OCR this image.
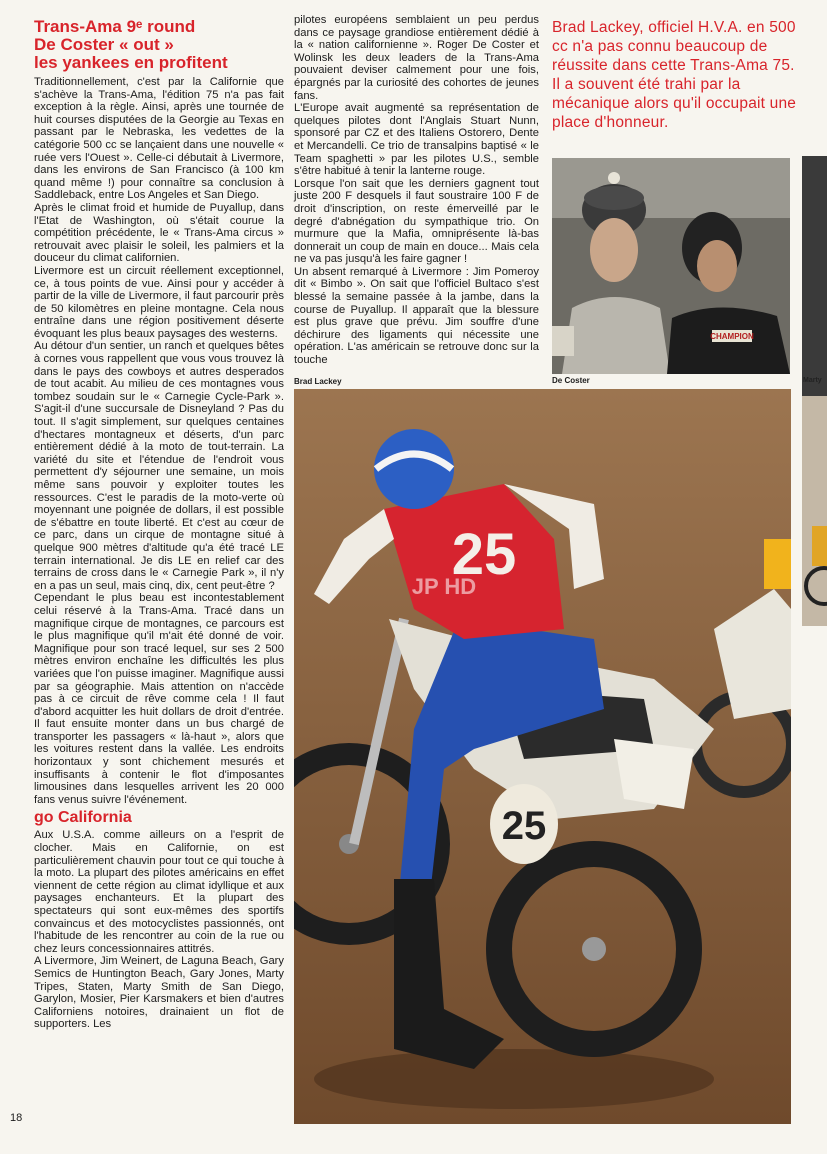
Trans-Ama 9ᵉ round
De Coster « out »
les yankees en profitent

Traditionnellement, c'est par la Californie que s'achève la Trans-Ama, l'édition 75 n'a pas fait exception à la règle. Ainsi, après une tournée de huit courses disputées de la Georgie au Texas en passant par le Nebraska, les vedettes de la catégorie 500 cc se lançaient dans une nouvelle « ruée vers l'Ouest ». Celle-ci débutait à Livermore, dans les environs de San Francisco (à 100 km quand même !) pour connaître sa conclusion à Saddleback, entre Los Angeles et San Diego.

Après le climat froid et humide de Puyallup, dans l'Etat de Washington, où s'était courue la compétition précédente, le « Trans-Ama circus » retrouvait avec plaisir le soleil, les palmiers et la douceur du climat californien.

Livermore est un circuit réellement exceptionnel, ce, à tous points de vue. Ainsi pour y accéder à partir de la ville de Livermore, il faut parcourir près de 50 kilomètres en pleine montagne. Cela nous entraîne dans une région positivement déserte évoquant les plus beaux paysages des westerns.

Au détour d'un sentier, un ranch et quelques bêtes à cornes vous rappellent que vous vous trouvez là dans le pays des cowboys et autres desperados de tout acabit. Au milieu de ces montagnes vous tombez soudain sur le « Carnegie Cycle-Park ». S'agit-il d'une succursale de Disneyland ? Pas du tout. Il s'agit simplement, sur quelques centaines d'hectares montagneux et déserts, d'un parc entièrement dédié à la moto de tout-terrain. La variété du site et l'étendue de l'endroit vous permettent d'y séjourner une semaine, un mois même sans pouvoir y exploiter toutes les ressources. C'est le paradis de la moto-verte où moyennant une poignée de dollars, il est possible de s'ébattre en toute liberté. Et c'est au cœur de ce parc, dans un cirque de montagne situé à quelque 900 mètres d'altitude qu'a été tracé LE terrain international. Je dis LE en relief car des terrains de cross dans le « Carnegie Park », il n'y en a pas un seul, mais cinq, dix, cent peut-être ?

Cependant le plus beau est incontestablement celui réservé à la Trans-Ama. Tracé dans un magnifique cirque de montagnes, ce parcours est le plus magnifique qu'il m'ait été donné de voir. Magnifique pour son tracé lequel, sur ses 2 500 mètres environ enchaîne les difficultés les plus variées que l'on puisse imaginer. Magnifique aussi par sa géographie. Mais attention on n'accède pas à ce circuit de rêve comme cela ! Il faut d'abord acquitter les huit dollars de droit d'entrée. Il faut ensuite monter dans un bus chargé de transporter les passagers « là-haut », alors que les voitures restent dans la vallée. Les endroits horizontaux y sont chichement mesurés et insuffisants à contenir le flot d'imposantes limousines dans lesquelles arrivent les 20 000 fans venus suivre l'événement.

go California

Aux U.S.A. comme ailleurs on a l'esprit de clocher. Mais en Californie, on est particulièrement chauvin pour tout ce qui touche à la moto. La plupart des pilotes américains en effet viennent de cette région au climat idyllique et aux paysages enchanteurs. Et la plupart des spectateurs qui sont eux-mêmes des sportifs convaincus et des motocyclistes passionnés, ont l'habitude de les rencontrer au coin de la rue ou chez leurs concessionnaires attitrés.

A Livermore, Jim Weinert, de Laguna Beach, Gary Semics de Huntington Beach, Gary Jones, Marty Tripes, Staten, Marty Smith de San Diego, Garylon, Mosier, Pier Karsmakers et bien d'autres Californiens notoires, drainaient un flot de supporters. Les

pilotes européens semblaient un peu perdus dans ce paysage grandiose entièrement dédié à la « nation californienne ». Roger De Coster et Wolinsk les deux leaders de la Trans-Ama pouvaient deviser calmement pour une fois, épargnés par la curiosité des cohortes de jeunes fans.

L'Europe avait augmenté sa représentation de quelques pilotes dont l'Anglais Stuart Nunn, sponsoré par CZ et des Italiens Ostorero, Dente et Mercandelli. Ce trio de transalpins baptisé « le Team spaghetti » par les pilotes U.S., semble s'être habitué à tenir la lanterne rouge.

Lorsque l'on sait que les derniers gagnent tout juste 200 F desquels il faut soustraire 100 F de droit d'inscription, on reste émerveillé par le degré d'abnégation du sympathique trio. On murmure que la Mafia, omniprésente là-bas donnerait un coup de main en douce... Mais cela ne va pas jusqu'à les faire gagner !

Un absent remarqué à Livermore : Jim Pomeroy dit « Bimbo ». On sait que l'officiel Bultaco s'est blessé la semaine passée à la jambe, dans la course de Puyallup. Il apparaît que la blessure est plus grave que prévu. Jim souffre d'une déchirure des ligaments qui nécessite une opération. L'as américain se retrouve donc sur la touche

Brad Lackey
Brad Lackey, officiel H.V.A. en 500 cc n'a pas connu beaucoup de réussite dans cette Trans-Ama 75. Il a souvent été trahi par la mécanique alors qu'il occupait une place d'honneur.
CHAMPION
De Coster	Marty
25
25
JP HD
18
